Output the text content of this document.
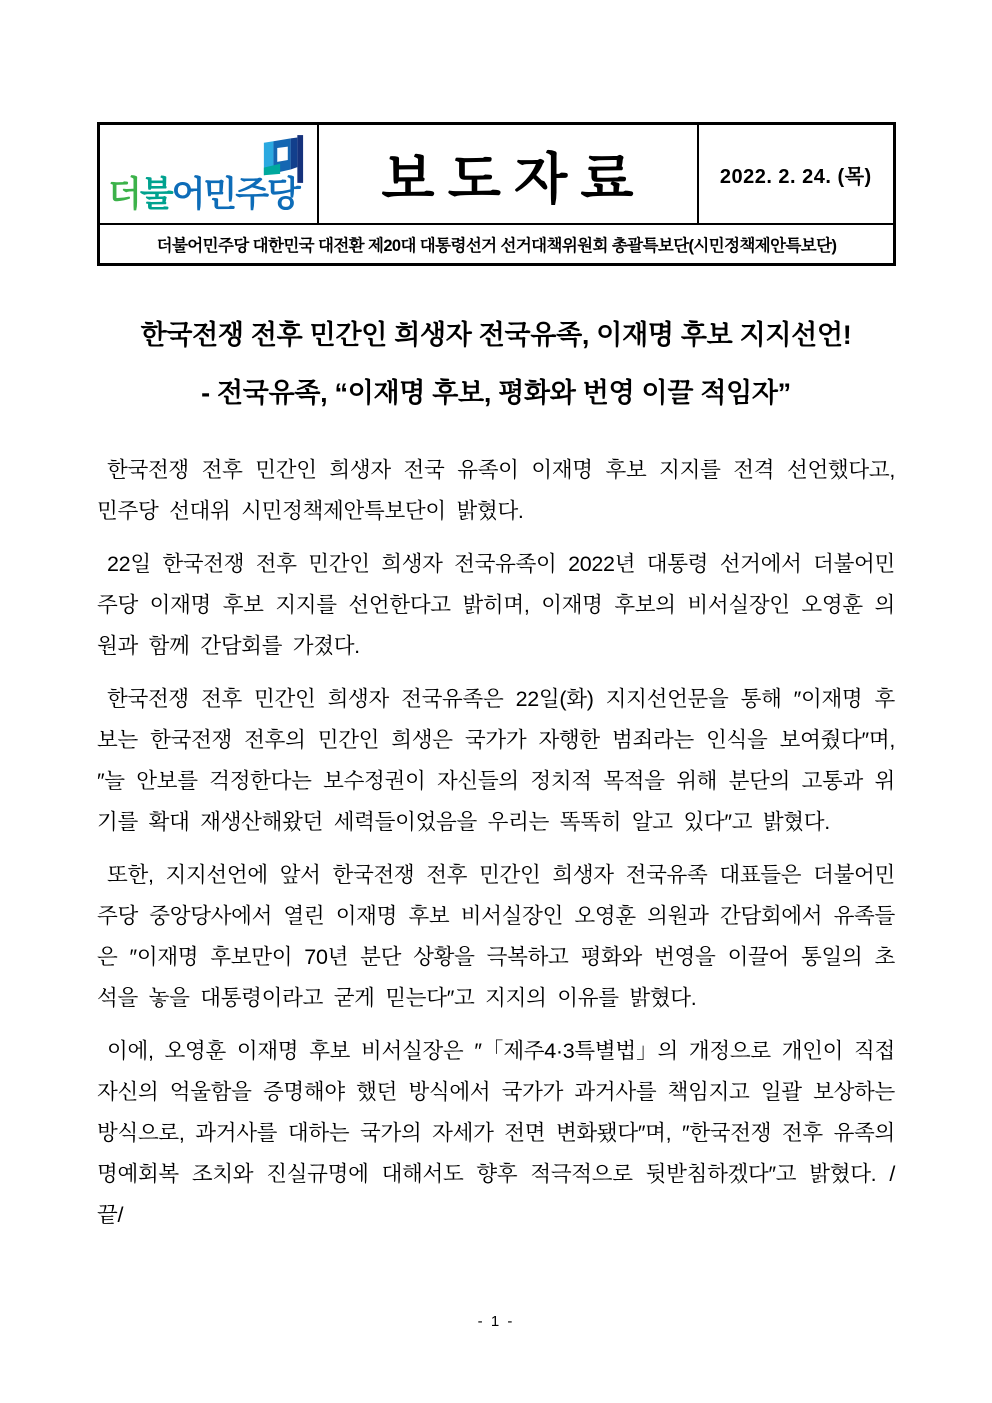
더불어민주당	보도자료	2022. 2. 24. (목)
더불어민주당 대한민국 대전환 제20대 대통령선거 선거대책위원회 총괄특보단(시민정책제안특보단)
한국전쟁 전후 민간인 희생자 전국유족, 이재명 후보 지지선언!
- 전국유족, “이재명 후보, 평화와 번영 이끌 적임자”

한국전쟁 전후 민간인 희생자 전국 유족이 이재명 후보 지지를 전격 선언했다고, 민주당 선대위 시민정책제안특보단이 밝혔다.

22일 한국전쟁 전후 민간인 희생자 전국유족이 2022년 대통령 선거에서 더불어민주당 이재명 후보 지지를 선언한다고 밝히며, 이재명 후보의 비서실장인 오영훈 의원과 함께 간담회를 가졌다.

한국전쟁 전후 민간인 희생자 전국유족은 22일(화) 지지선언문을 통해 ″이재명 후보는 한국전쟁 전후의 민간인 희생은 국가가 자행한 범죄라는 인식을 보여줬다″며, ″늘 안보를 걱정한다는 보수정권이 자신들의 정치적 목적을 위해 분단의 고통과 위기를 확대 재생산해왔던 세력들이었음을 우리는 똑똑히 알고 있다″고 밝혔다.

또한, 지지선언에 앞서 한국전쟁 전후 민간인 희생자 전국유족 대표들은 더불어민주당 중앙당사에서 열린 이재명 후보 비서실장인 오영훈 의원과 간담회에서 유족들은 ″이재명 후보만이 70년 분단 상황을 극복하고 평화와 번영을 이끌어 통일의 초석을 놓을 대통령이라고 굳게 믿는다″고 지지의 이유를 밝혔다.

이에, 오영훈 이재명 후보 비서실장은 ″「제주4·3특별법」의 개정으로 개인이 직접 자신의 억울함을 증명해야 했던 방식에서 국가가 과거사를 책임지고 일괄 보상하는 방식으로, 과거사를 대하는 국가의 자세가 전면 변화됐다″며, ″한국전쟁 전후 유족의 명예회복 조치와 진실규명에 대해서도 향후 적극적으로 뒷받침하겠다″고 밝혔다. /끝/

- 1 -
